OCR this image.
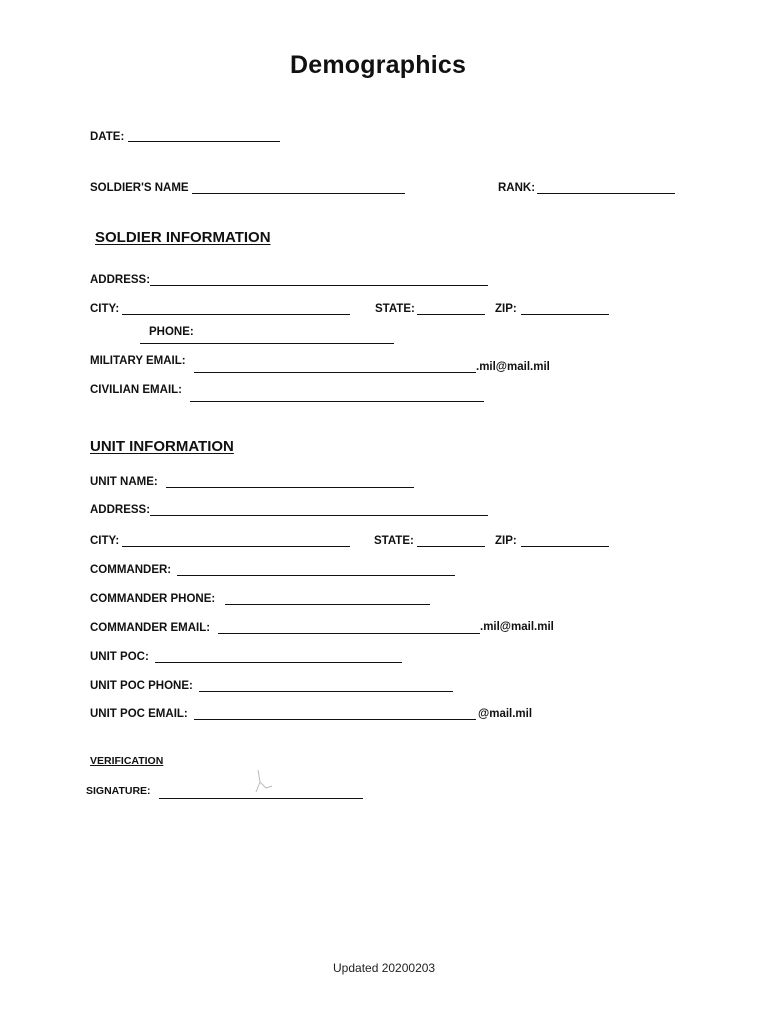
Demographics
DATE:
SOLDIER'S NAME	RANK:
SOLDIER INFORMATION
ADDRESS:
CITY:	STATE:	ZIP:
PHONE:
MILITARY EMAIL:	.mil@mail.mil
CIVILIAN EMAIL:
UNIT INFORMATION
UNIT NAME:
ADDRESS:
CITY:	STATE:	ZIP:
COMMANDER:
COMMANDER PHONE:
COMMANDER EMAIL:	.mil@mail.mil
UNIT POC:
UNIT POC PHONE:
UNIT POC EMAIL:	@mail.mil
VERIFICATION
SIGNATURE:
Updated 20200203
